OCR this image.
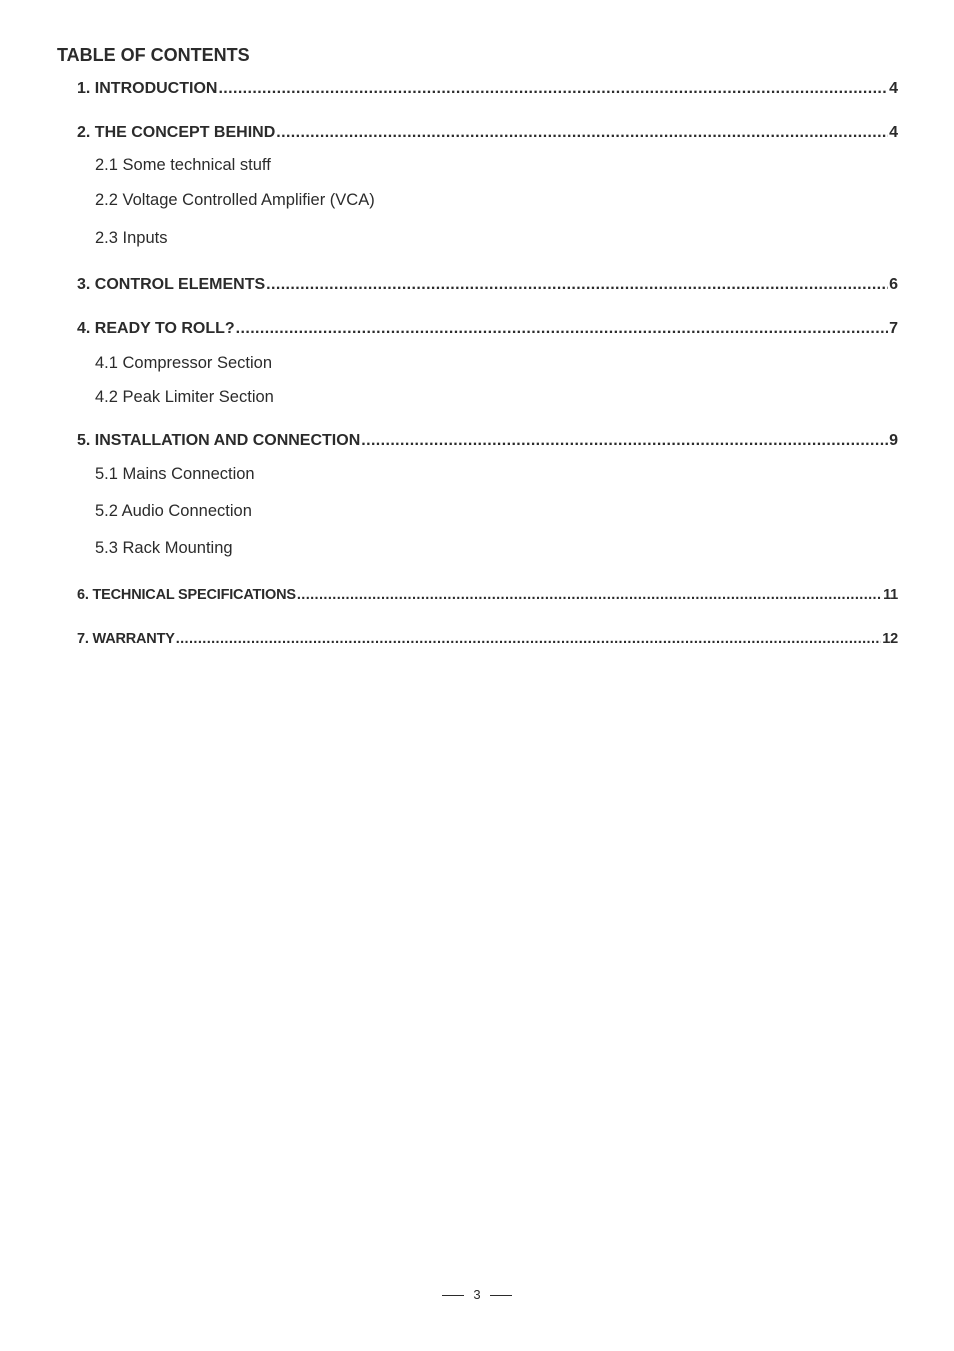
TABLE OF CONTENTS
1. INTRODUCTION .....	4
2. THE CONCEPT BEHIND .....	4
2.1 Some technical stuff
2.2 Voltage Controlled Amplifier (VCA)
2.3 Inputs
3. CONTROL ELEMENTS .....	6
4. READY TO ROLL? .....	7
4.1 Compressor Section
4.2 Peak Limiter Section
5. INSTALLATION AND CONNECTION .....	9
5.1 Mains Connection
5.2 Audio Connection
5.3 Rack Mounting
6. TECHNICAL SPECIFICATIONS .....	11
7. WARRANTY .....	12
3
